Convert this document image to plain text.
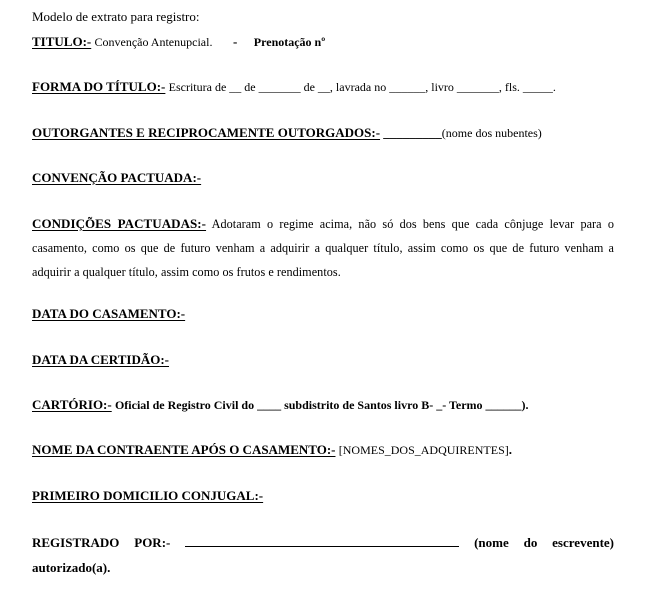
Modelo de extrato para registro:
TITULO:- Convenção Antenupcial. - Prenotação nº
FORMA DO TÍTULO:- Escritura de __ de _______ de __, lavrada no ______, livro _______, fls. _____.
OUTORGANTES E RECIPROCAMENTE OUTORGADOS:- _________(nome dos nubentes)
CONVENÇÃO PACTUADA:-
CONDIÇÕES PACTUADAS:- Adotaram o regime acima, não só dos bens que cada cônjuge levar para o casamento, como os que de futuro venham a adquirir a qualquer título, assim como os que de futuro venham a adquirir a qualquer título, assim como os frutos e rendimentos.
DATA DO CASAMENTO:-
DATA DA CERTIDÃO:-
CARTÓRIO:- Oficial de Registro Civil do ____ subdistrito de Santos livro B- _- Termo ______).
NOME DA CONTRAENTE APÓS O CASAMENTO:- [NOMES_DOS_ADQUIRENTES].
PRIMEIRO DOMICILIO CONJUGAL:-
REGISTRADO POR:-	(nome do escrevente) autorizado(a).
